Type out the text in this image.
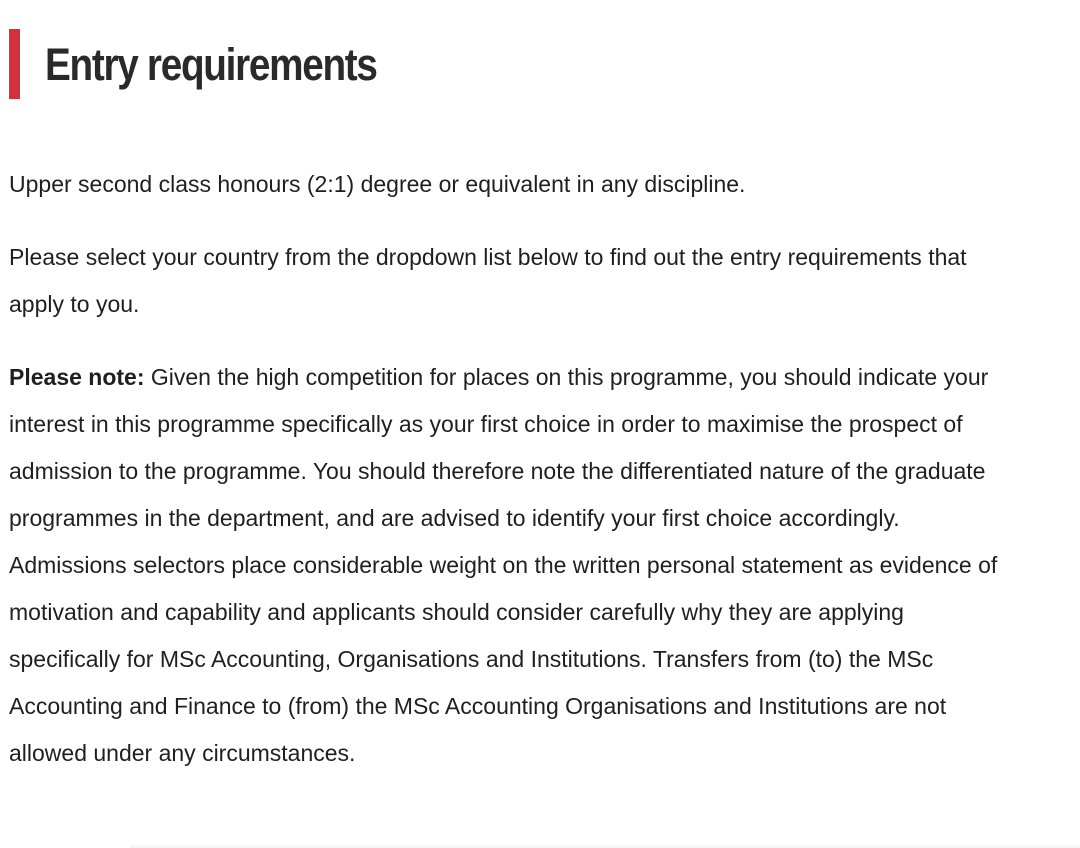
Entry requirements

Upper second class honours (2:1) degree or equivalent in any discipline.

Please select your country from the dropdown list below to find out the entry requirements that apply to you.

Please note: Given the high competition for places on this programme, you should indicate your interest in this programme specifically as your first choice in order to maximise the prospect of admission to the programme. You should therefore note the differentiated nature of the graduate programmes in the department, and are advised to identify your first choice accordingly. Admissions selectors place considerable weight on the written personal statement as evidence of motivation and capability and applicants should consider carefully why they are applying specifically for MSc Accounting, Organisations and Institutions. Transfers from (to) the MSc Accounting and Finance to (from) the MSc Accounting Organisations and Institutions are not allowed under any circumstances.
